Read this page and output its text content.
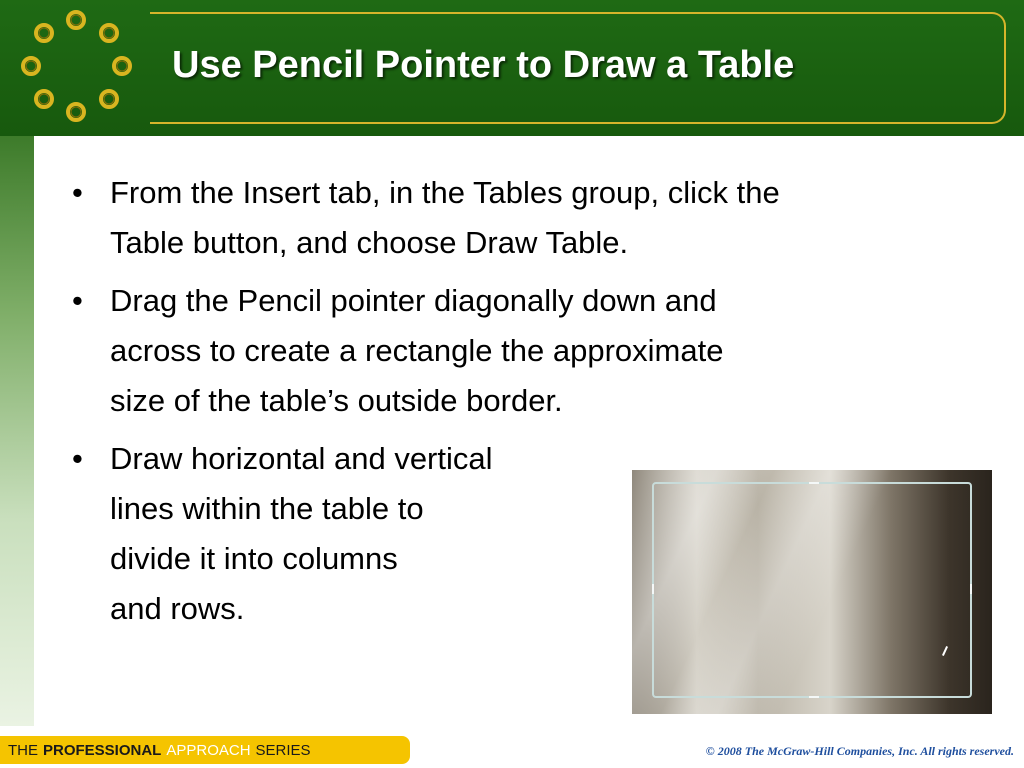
Use Pencil Pointer to Draw a Table
• From the Insert tab, in the Tables group, click the
Table button, and choose Draw Table.
• Drag the Pencil pointer diagonally down and
across to create a rectangle the approximate
size of the table’s outside border.
• Draw horizontal and vertical
lines within the table to
divide it into columns
and rows.
THE PROFESSIONAL APPROACH SERIES	© 2008 The McGraw-Hill Companies, Inc. All rights reserved.
